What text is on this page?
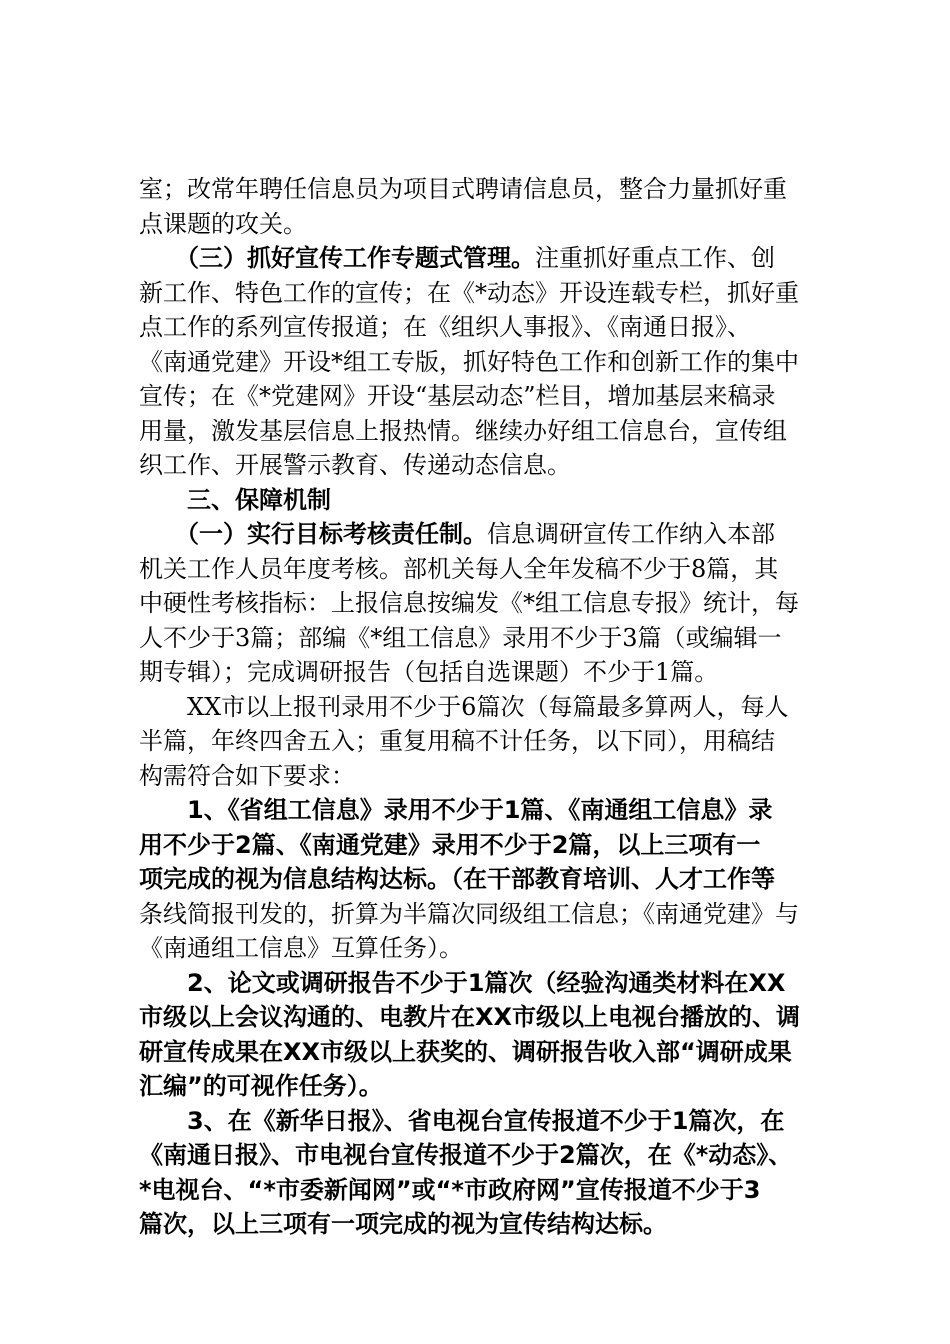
室；改常年聘任信息员为项目式聘请信息员，整合力量抓好重
点课题的攻关。
　　（三）抓好宣传工作专题式管理。注重抓好重点工作、创
新工作、特色工作的宣传；在《*动态》开设连载专栏，抓好重
点工作的系列宣传报道；在《组织人事报》、《南通日报》、
《南通党建》开设*组工专版，抓好特色工作和创新工作的集中
宣传；在《*党建网》开设“基层动态”栏目，增加基层来稿录
用量，激发基层信息上报热情。继续办好组工信息台，宣传组
织工作、开展警示教育、传递动态信息。
　　三、保障机制
　　（一）实行目标考核责任制。信息调研宣传工作纳入本部
机关工作人员年度考核。部机关每人全年发稿不少于8篇，其
中硬性考核指标：上报信息按编发《*组工信息专报》统计，每
人不少于3篇；部编《*组工信息》录用不少于3篇（或编辑一
期专辑）；完成调研报告（包括自选课题）不少于1篇。
　　XX市以上报刊录用不少于6篇次（每篇最多算两人，每人
半篇，年终四舍五入；重复用稿不计任务，以下同），用稿结
构需符合如下要求：
　　1、《省组工信息》录用不少于1篇、《南通组工信息》录
用不少于2篇、《南通党建》录用不少于2篇，以上三项有一
项完成的视为信息结构达标。（在干部教育培训、人才工作等
条线简报刊发的，折算为半篇次同级组工信息；《南通党建》与
《南通组工信息》互算任务）。
　　2、论文或调研报告不少于1篇次（经验沟通类材料在XX
市级以上会议沟通的、电教片在XX市级以上电视台播放的、调
研宣传成果在XX市级以上获奖的、调研报告收入部“调研成果
汇编”的可视作任务）。
　　3、在《新华日报》、省电视台宣传报道不少于1篇次，在
《南通日报》、市电视台宣传报道不少于2篇次，在《*动态》、
*电视台、“*市委新闻网”或“*市政府网”宣传报道不少于3
篇次，以上三项有一项完成的视为宣传结构达标。
